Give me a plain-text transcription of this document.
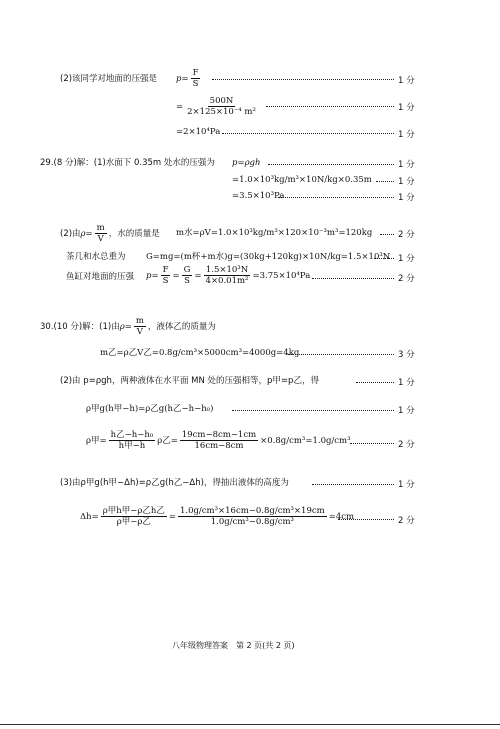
(2)该同学对地面的压强是 $p= \frac{F}{S}$	1 分
= $\frac{500N}{\text{2×125×10⁻⁴ m²}}$	1 分
=2×10⁴Pa	1 分
29.(8 分)解：(1)水面下 0.35m 处水的压强为 p=ρgh	1 分
=1.0×10³kg/m³×10N/kg×0.35m	1 分
=3.5×10³Pa	1 分
(2)由$\rho= \frac{m}{V}$ ，水的质量是 m水=ρV=1.0×10³kg/m³×120×10⁻³m³=120kg	2 分
茶几和水总重为 G=mg=(m杯+m水)g=(30kg+120kg)×10N/kg=1.5×10³N 1 分
鱼缸对地面的压强 $p= \frac{F}{S} = \frac{G}{S} = \frac{\text{1.5×10³N}}{\text{4×0.01m²}} =3.75\times 10^4Pa$	2 分
30.(10 分)解：(1)由$\rho= \frac{m}{V}$ ，液体乙的质量为
m乙=ρ乙V乙=0.8g/cm³×5000cm³=4000g=4kg	3 分
(2)由 p=ρgh，两种液体在水平面 MN 处的压强相等，p甲=p乙，得	1 分
ρ甲g(h甲−h)=ρ乙g(h乙−h−h₀)	1 分
ρ甲= $\frac{\text{h乙−h−h₀}}{\text{h甲−h}}$ ρ乙= $\frac{19cm-8cm-1cm}{16cm-8cm} \times 0.8g/cm^3=1.0g/cm^3$	2 分
(3)由ρ甲g(h甲−Δh)=ρ乙g(h乙−Δh)，得抽出液体的高度为	1 分
$\Delta h= \frac{\text{ρ甲h甲−ρ乙h乙}}{\text{ρ甲−ρ乙}} = \frac{\text{1.0g/cm³×16cm−0.8g/cm³×19cm}}{\text{1.0g/cm³−0.8g/cm³}} =4cm$	2 分
八年级物理答案　第 2 页(共 2 页)
